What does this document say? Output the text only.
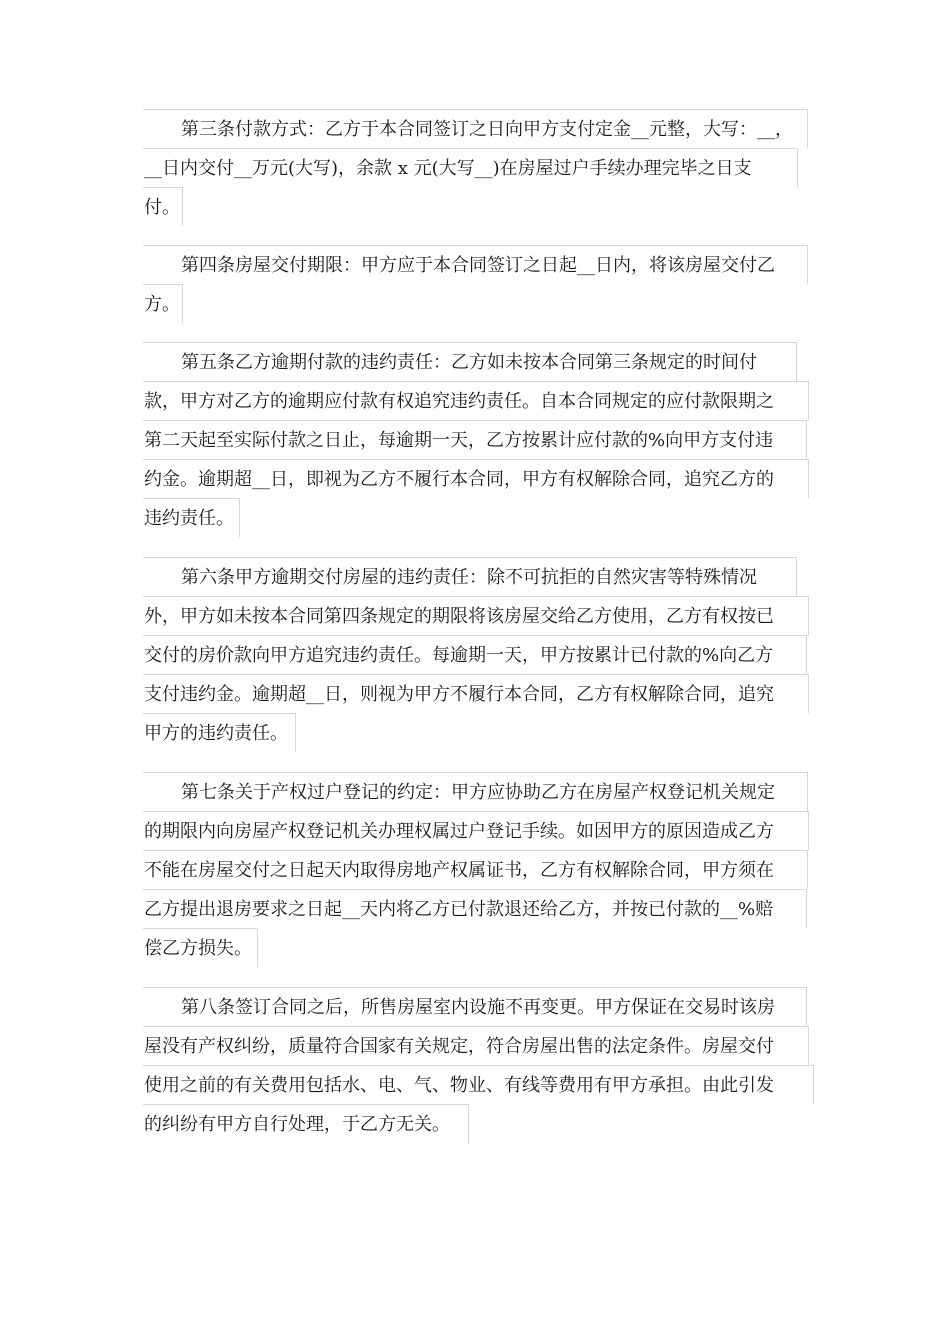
第三条付款方式：乙方于本合同签订之日向甲方支付定金__元整，大写：__，
__日内交付__万元(大写)，余款 x 元(大写__)在房屋过户手续办理完毕之日支
付。
第四条房屋交付期限：甲方应于本合同签订之日起__日内，将该房屋交付乙
方。
第五条乙方逾期付款的违约责任：乙方如未按本合同第三条规定的时间付
款，甲方对乙方的逾期应付款有权追究违约责任。自本合同规定的应付款限期之
第二天起至实际付款之日止，每逾期一天，乙方按累计应付款的%向甲方支付违
约金。逾期超__日，即视为乙方不履行本合同，甲方有权解除合同，追究乙方的
违约责任。
第六条甲方逾期交付房屋的违约责任：除不可抗拒的自然灾害等特殊情况
外，甲方如未按本合同第四条规定的期限将该房屋交给乙方使用，乙方有权按已
交付的房价款向甲方追究违约责任。每逾期一天，甲方按累计已付款的%向乙方
支付违约金。逾期超__日，则视为甲方不履行本合同，乙方有权解除合同，追究
甲方的违约责任。
第七条关于产权过户登记的约定：甲方应协助乙方在房屋产权登记机关规定
的期限内向房屋产权登记机关办理权属过户登记手续。如因甲方的原因造成乙方
不能在房屋交付之日起天内取得房地产权属证书，乙方有权解除合同，甲方须在
乙方提出退房要求之日起__天内将乙方已付款退还给乙方，并按已付款的__%赔
偿乙方损失。
第八条签订合同之后，所售房屋室内设施不再变更。甲方保证在交易时该房
屋没有产权纠纷，质量符合国家有关规定，符合房屋出售的法定条件。房屋交付
使用之前的有关费用包括水、电、气、物业、有线等费用有甲方承担。由此引发
的纠纷有甲方自行处理，于乙方无关。
